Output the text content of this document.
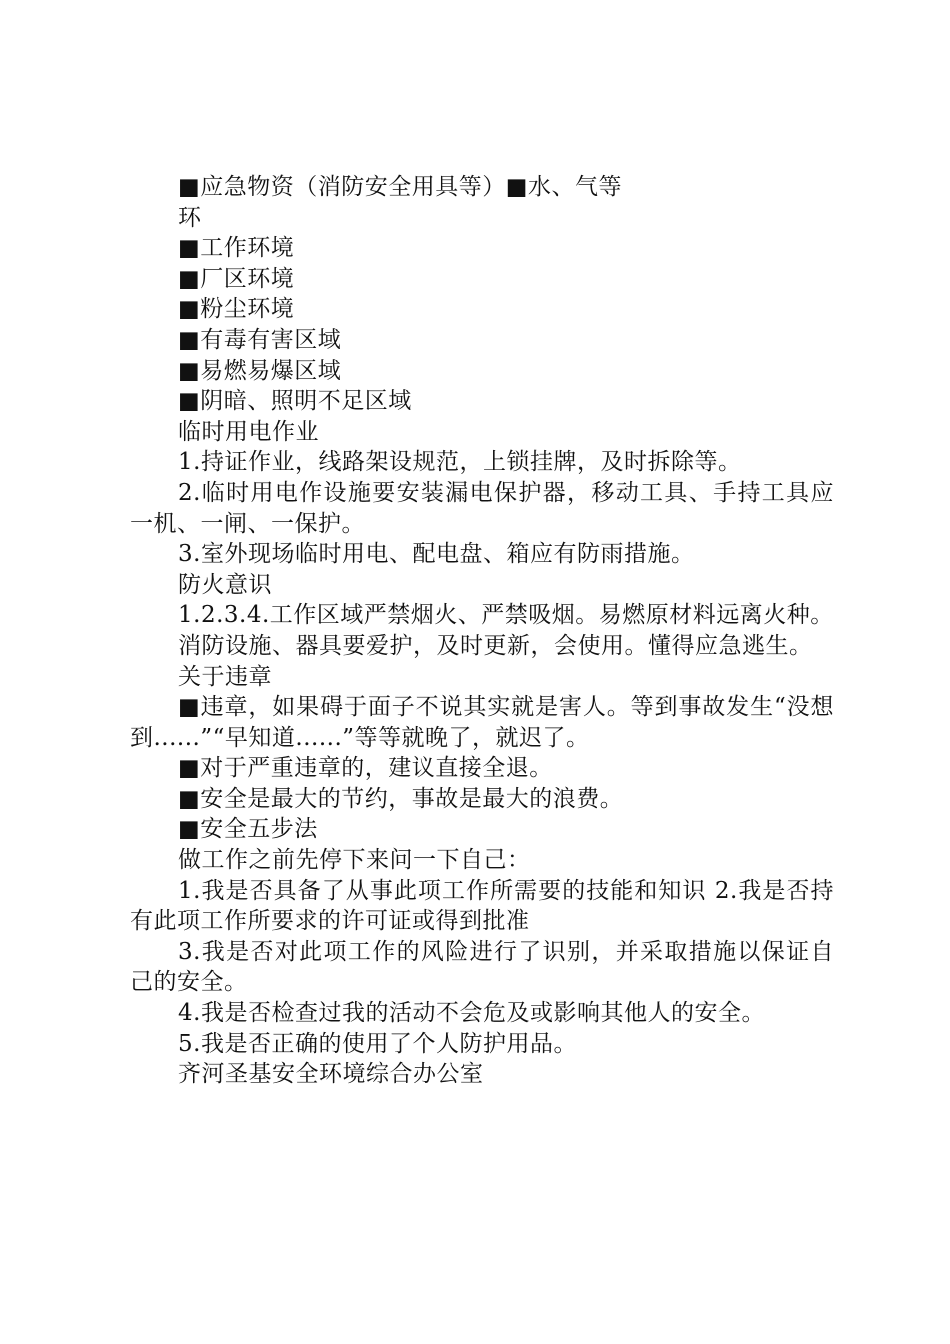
■应急物资（消防安全用具等）■水、气等
环
■工作环境
■厂区环境
■粉尘环境
■有毒有害区域
■易燃易爆区域
■阴暗、照明不足区域
临时用电作业
1.持证作业，线路架设规范，上锁挂牌，及时拆除等。
2.临时用电作设施要安装漏电保护器，移动工具、手持工具应一机、一闸、一保护。
3.室外现场临时用电、配电盘、箱应有防雨措施。
防火意识
1.2.3.4.工作区域严禁烟火、严禁吸烟。易燃原材料远离火种。
消防设施、器具要爱护，及时更新，会使用。懂得应急逃生。
关于违章
■违章，如果碍于面子不说其实就是害人。等到事故发生“没想到......”“早知道......”等等就晚了，就迟了。
■对于严重违章的，建议直接全退。
■安全是最大的节约，事故是最大的浪费。
■安全五步法
做工作之前先停下来问一下自己：
1.我是否具备了从事此项工作所需要的技能和知识 2.我是否持有此项工作所要求的许可证或得到批准
3.我是否对此项工作的风险进行了识别，并采取措施以保证自己的安全。
4.我是否检查过我的活动不会危及或影响其他人的安全。
5.我是否正确的使用了个人防护用品。
齐河圣基安全环境综合办公室
